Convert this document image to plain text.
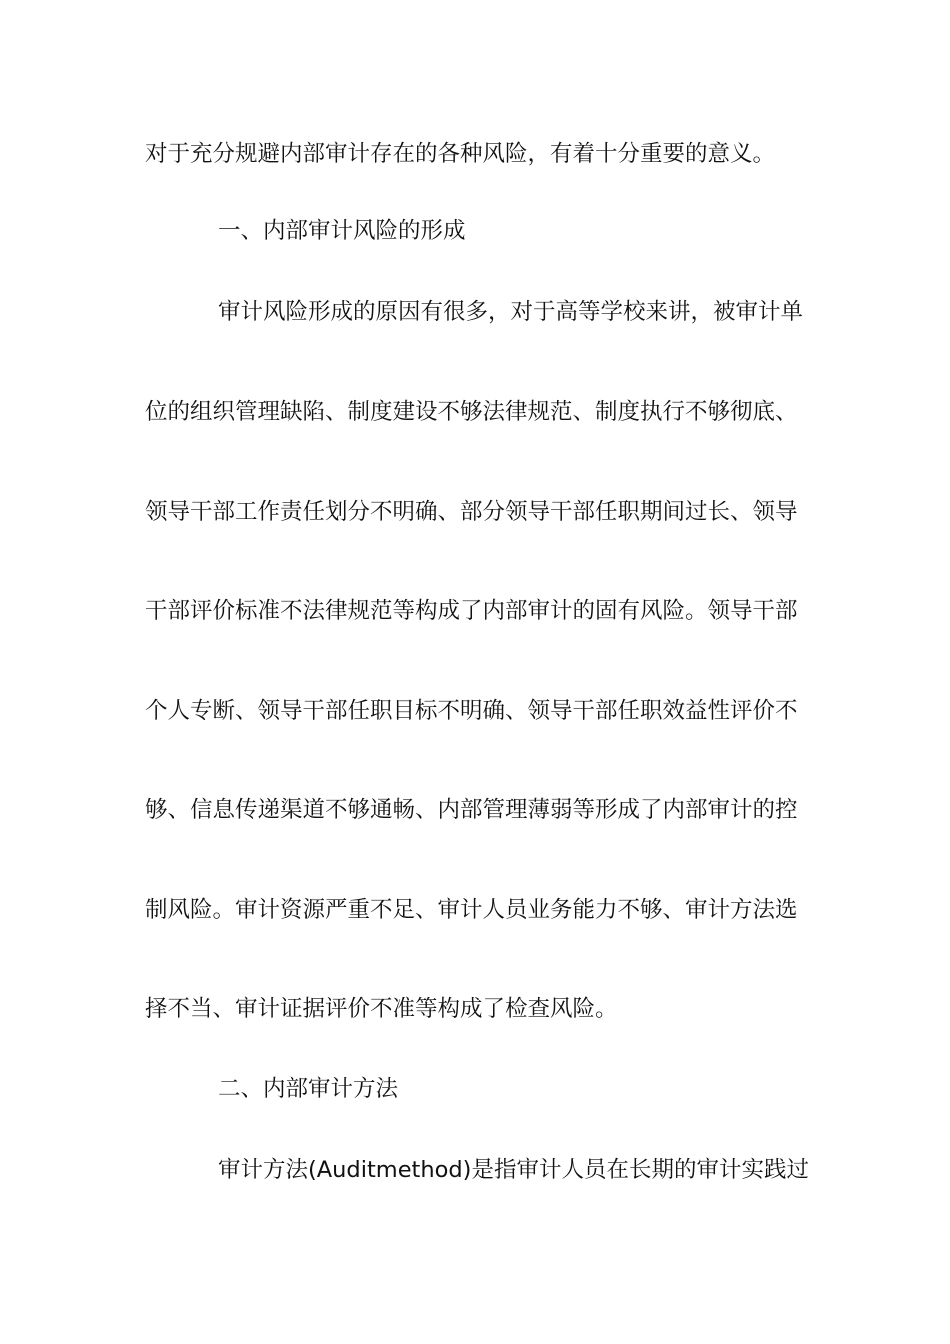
对于充分规避内部审计存在的各种风险，有着十分重要的意义。
一、内部审计风险的形成
审计风险形成的原因有很多，对于高等学校来讲，被审计单
位的组织管理缺陷、制度建设不够法律规范、制度执行不够彻底、
领导干部工作责任划分不明确、部分领导干部任职期间过长、领导
干部评价标准不法律规范等构成了内部审计的固有风险。领导干部
个人专断、领导干部任职目标不明确、领导干部任职效益性评价不
够、信息传递渠道不够通畅、内部管理薄弱等形成了内部审计的控
制风险。审计资源严重不足、审计人员业务能力不够、审计方法选
择不当、审计证据评价不准等构成了检查风险。
二、内部审计方法
审计方法(Auditmethod)是指审计人员在长期的审计实践过
